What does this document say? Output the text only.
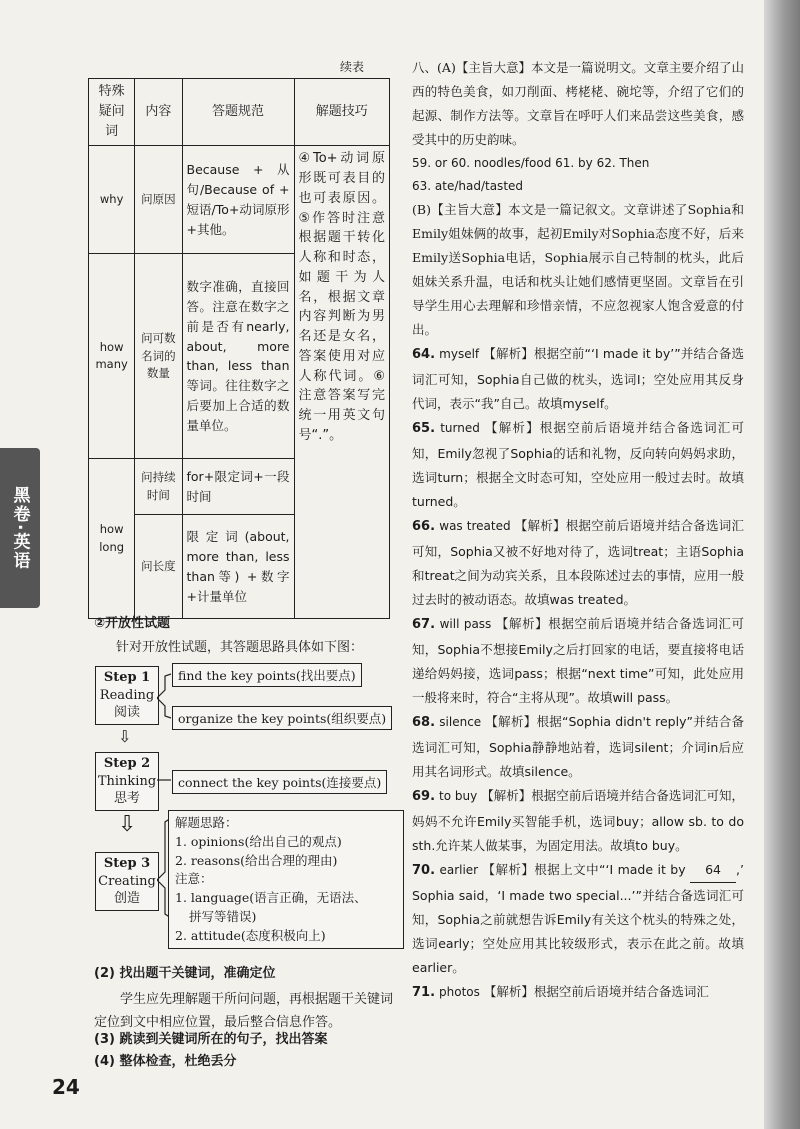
黑卷·英语
续表
特殊疑问词	内容	答题规范	解题技巧
why	问原因	Because + 从句/Because of + 短语/To+动词原形+其他。	④To+动词原形既可表目的也可表原因。⑤作答时注意根据题干转化人称和时态，如题干为人名，根据文章内容判断为男名还是女名，答案使用对应人称代词。⑥注意答案写完统一用英文句号“.”。
how many	问可数名词的数量	数字准确，直接回答。注意在数字之前是否有nearly, about, more than, less than等词。往往数字之后要加上合适的数量单位。	
how long	问持续时间	for+限定词+一段时间	
	问长度	限定词(about, more than, less than等) +数字+计量单位	
②开放性试题
针对开放性试题，其答题思路具体如下图：
Step 1
Reading
阅读
⇩
Step 2
Thinking
思考
⇩
Step 3
Creating
创造
find the key points(找出要点)
organize the key points(组织要点)
connect the key points(连接要点)
解题思路：
1. opinions(给出自己的观点)
2. reasons(给出合理的理由)
注意：
1. language(语言正确，无语法、
拼写等错误)
2. attitude(态度积极向上)
(2) 找出题干关键词，准确定位
学生应先理解题干所问问题，再根据题干关键词定位到文中相应位置，最后整合信息作答。
(3) 跳读到关键词所在的句子，找出答案
(4) 整体检查，杜绝丢分
24

八、(A)【主旨大意】本文是一篇说明文。文章主要介绍了山西的特色美食，如刀削面、栲栳栳、碗坨等，介绍了它们的起源、制作方法等。文章旨在呼吁人们来品尝这些美食，感受其中的历史韵味。

59. or 60. noodles/food 61. by 62. Then

63. ate/had/tasted

(B)【主旨大意】本文是一篇记叙文。文章讲述了Sophia和Emily姐妹俩的故事，起初Emily对Sophia态度不好，后来Emily送Sophia电话，Sophia展示自己特制的枕头，此后姐妹关系升温，电话和枕头让她们感情更坚固。文章旨在引导学生用心去理解和珍惜亲情，不应忽视家人饱含爱意的付出。

64. myself 【解析】根据空前“‘I made it by’”并结合备选词汇可知，Sophia自己做的枕头，选词I；空处应用其反身代词，表示“我”自己。故填myself。

65. turned 【解析】根据空前后语境并结合备选词汇可知，Emily忽视了Sophia的话和礼物，反向转向妈妈求助，选词turn；根据全文时态可知，空处应用一般过去时。故填turned。

66. was treated 【解析】根据空前后语境并结合备选词汇可知，Sophia又被不好地对待了，选词treat；主语Sophia和treat之间为动宾关系，且本段陈述过去的事情，应用一般过去时的被动语态。故填was treated。

67. will pass 【解析】根据空前后语境并结合备选词汇可知，Sophia不想接Emily之后打回家的电话，要直接将电话递给妈妈接，选词pass；根据“next time”可知，此处应用一般将来时，符合“主将从现”。故填will pass。

68. silence 【解析】根据“Sophia didn't reply”并结合备选词汇可知，Sophia静静地站着，选词silent；介词in后应用其名词形式。故填silence。

69. to buy 【解析】根据空前后语境并结合备选词汇可知，妈妈不允许Emily买智能手机，选词buy；allow sb. to do sth.允许某人做某事，为固定用法。故填to buy。

70. earlier 【解析】根据上文中“‘I made it by 64 ,’ Sophia said，‘I made two special...’”并结合备选词汇可知，Sophia之前就想告诉Emily有关这个枕头的特殊之处，选词early；空处应用其比较级形式，表示在此之前。故填earlier。

71. photos 【解析】根据空前后语境并结合备选词汇
